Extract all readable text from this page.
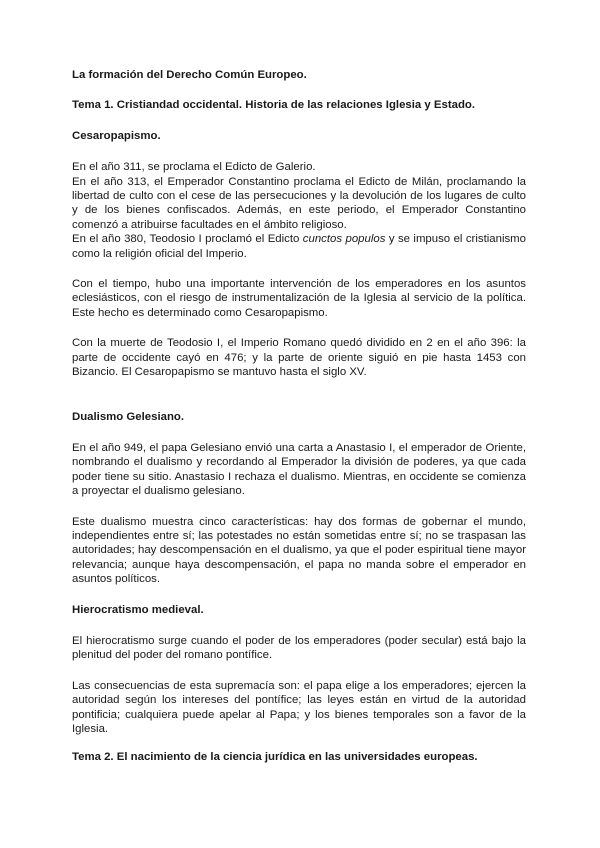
La formación del Derecho Común Europeo.

Tema 1. Cristiandad occidental. Historia de las relaciones Iglesia y Estado.

Cesaropapismo.

En el año 311, se proclama el Edicto de Galerio.

En el año 313, el Emperador Constantino proclama el Edicto de Milán, proclamando la libertad de culto con el cese de las persecuciones y la devolución de los lugares de culto y de los bienes confiscados. Además, en este periodo, el Emperador Constantino comenzó a atribuirse facultades en el ámbito religioso.

En el año 380, Teodosio I proclamó el Edicto cunctos populos y se impuso el cristianismo como la religión oficial del Imperio.

Con el tiempo, hubo una importante intervención de los emperadores en los asuntos eclesiásticos, con el riesgo de instrumentalización de la Iglesia al servicio de la política. Este hecho es determinado como Cesaropapismo.

Con la muerte de Teodosio I, el Imperio Romano quedó dividido en 2 en el año 396: la parte de occidente cayó en 476; y la parte de oriente siguió en pie hasta 1453 con Bizancio. El Cesaropapismo se mantuvo hasta el siglo XV.

Dualismo Gelesiano.

En el año 949, el papa Gelesiano envió una carta a Anastasio I, el emperador de Oriente, nombrando el dualismo y recordando al Emperador la división de poderes, ya que cada poder tiene su sitio. Anastasio I rechaza el dualismo. Mientras, en occidente se comienza a proyectar el dualismo gelesiano.

Este dualismo muestra cinco características: hay dos formas de gobernar el mundo, independientes entre sí; las potestades no están sometidas entre sí; no se traspasan las autoridades; hay descompensación en el dualismo, ya que el poder espiritual tiene mayor relevancia; aunque haya descompensación, el papa no manda sobre el emperador en asuntos políticos.

Hierocratismo medieval.

El hierocratismo surge cuando el poder de los emperadores (poder secular) está bajo la plenitud del poder del romano pontífice.

Las consecuencias de esta supremacía son: el papa elige a los emperadores; ejercen la autoridad según los intereses del pontífice; las leyes están en virtud de la autoridad pontificia; cualquiera puede apelar al Papa; y los bienes temporales son a favor de la Iglesia.

Tema 2. El nacimiento de la ciencia jurídica en las universidades europeas.
